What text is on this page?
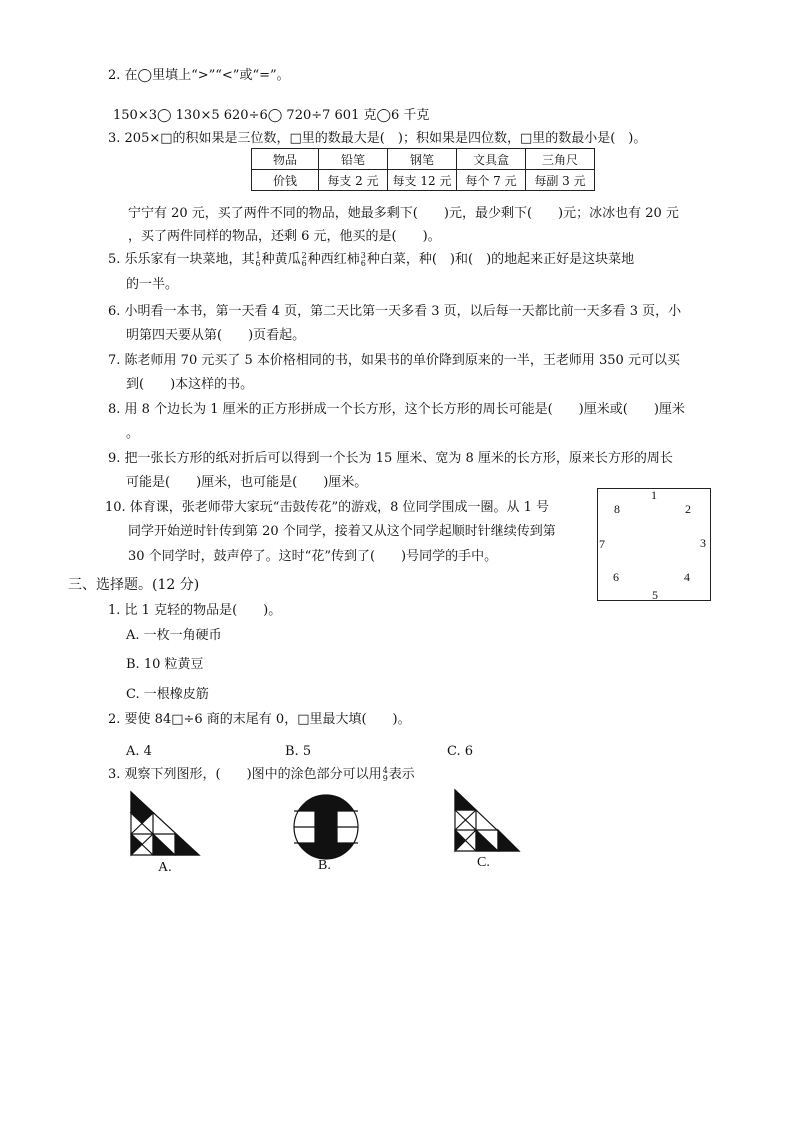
2. 在◯里填上“>”“<”或“=”。
150×3◯ 130×5 620÷6◯ 720÷7 601 克◯6 千克
3. 205×□的积如果是三位数，□里的数最大是(　)；积如果是四位数，□里的数最小是(　)。
物品	铅笔	钢笔	文具盒	三角尺
价钱	每支 2 元	每支 12 元	每个 7 元	每副 3 元
宁宁有 20 元，买了两件不同的物品，她最多剩下(　　)元，最少剩下(　　)元；冰冰也有 20 元
，买了两件同样的物品，还剩 6 元，他买的是(　　)。
5. 乐乐家有一块菜地，其 1
6 种黄瓜 2
6 种西红柿 3
6 种白菜，种(　)和(　)的地起来正好是这块菜地
的一半。
6. 小明看一本书，第一天看 4 页，第二天比第一天多看 3 页，以后每一天都比前一天多看 3 页，小
明第四天要从第(　　)页看起。
7. 陈老师用 70 元买了 5 本价格相同的书，如果书的单价降到原来的一半，王老师用 350 元可以买
到(　　)本这样的书。
8. 用 8 个边长为 1 厘米的正方形拼成一个长方形，这个长方形的周长可能是(　　)厘米或(　　)厘米
。
9. 把一张长方形的纸对折后可以得到一个长为 15 厘米、宽为 8 厘米的长方形，原来长方形的周长
可能是(　　)厘米，也可能是(　　)厘米。
10. 体育课，张老师带大家玩“击鼓传花”的游戏，8 位同学围成一圈。从 1 号
同学开始逆时针传到第 20 个同学，接着又从这个同学起顺时针继续传到第
30 个同学时，鼓声停了。这时“花”传到了(　　)号同学的手中。
1
2
3
4
5
6
7
8
三、选择题。(12 分)
1. 比 1 克轻的物品是(　　)。
A. 一枚一角硬币
B. 10 粒黄豆
C. 一根橡皮筋
2. 要使 84□÷6 商的末尾有 0，□里最大填(　　)。
A. 4	B. 5	C. 6
3. 观察下列图形，(　　)图中的涂色部分可以用 4
9 表示
A.	B.	C.
